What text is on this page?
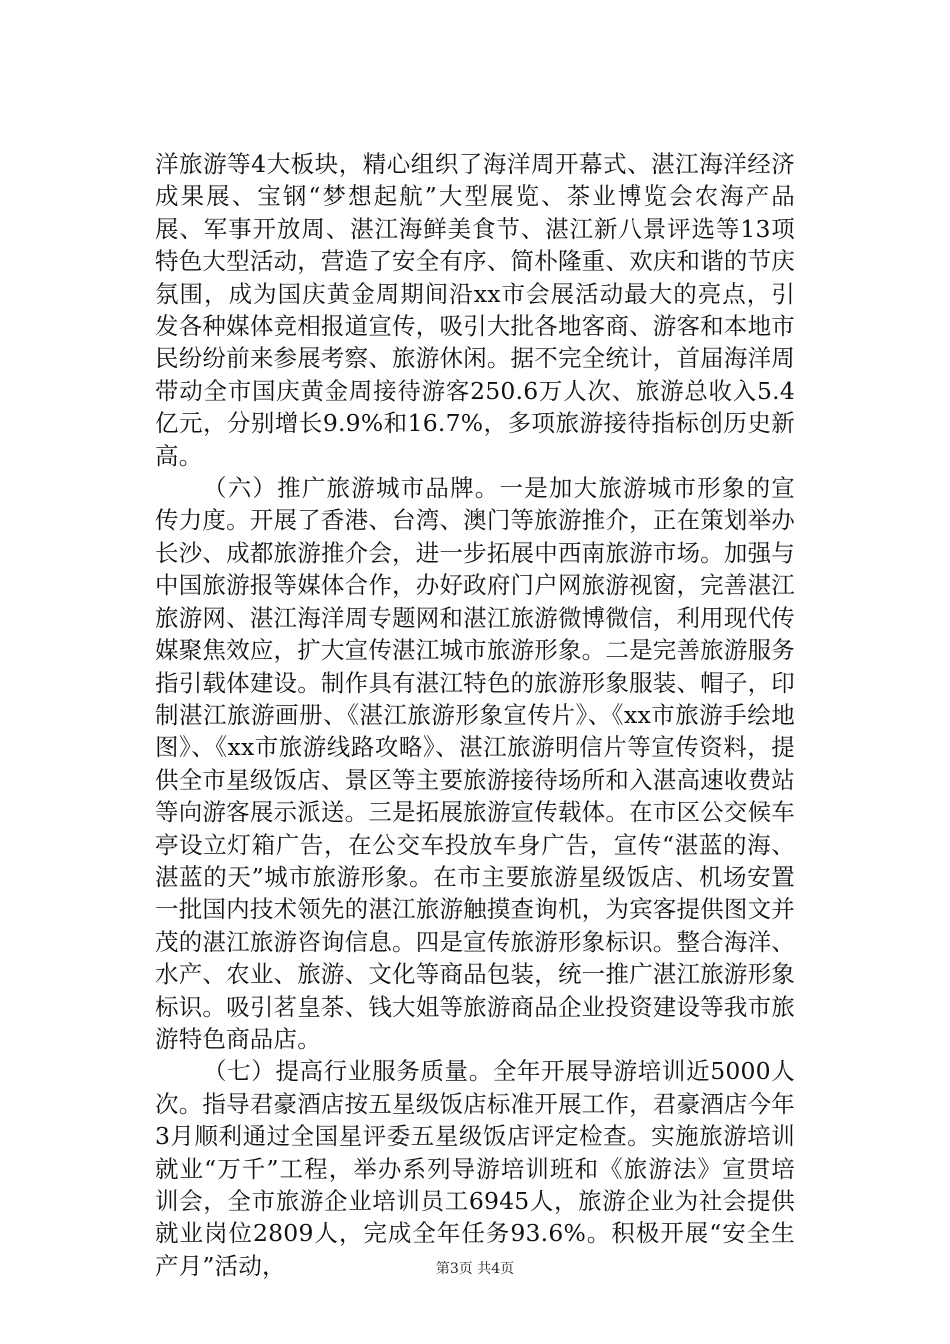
洋旅游等4大板块，精心组织了海洋周开幕式、湛江海洋经济成果展、宝钢“梦想起航”大型展览、茶业博览会农海产品展、军事开放周、湛江海鲜美食节、湛江新八景评选等13项特色大型活动，营造了安全有序、简朴隆重、欢庆和谐的节庆氛围，成为国庆黄金周期间沿xx市会展活动最大的亮点，引发各种媒体竞相报道宣传，吸引大批各地客商、游客和本地市民纷纷前来参展考察、旅游休闲。据不完全统计，首届海洋周带动全市国庆黄金周接待游客250.6万人次、旅游总收入5.4亿元，分别增长9.9%和16.7%，多项旅游接待指标创历史新高。

（六）推广旅游城市品牌。一是加大旅游城市形象的宣传力度。开展了香港、台湾、澳门等旅游推介，正在策划举办长沙、成都旅游推介会，进一步拓展中西南旅游市场。加强与中国旅游报等媒体合作，办好政府门户网旅游视窗，完善湛江旅游网、湛江海洋周专题网和湛江旅游微博微信，利用现代传媒聚焦效应，扩大宣传湛江城市旅游形象。二是完善旅游服务指引载体建设。制作具有湛江特色的旅游形象服装、帽子，印制湛江旅游画册、《湛江旅游形象宣传片》、《xx市旅游手绘地图》、《xx市旅游线路攻略》、湛江旅游明信片等宣传资料，提供全市星级饭店、景区等主要旅游接待场所和入湛高速收费站等向游客展示派送。三是拓展旅游宣传载体。在市区公交候车亭设立灯箱广告，在公交车投放车身广告，宣传“湛蓝的海、湛蓝的天”城市旅游形象。在市主要旅游星级饭店、机场安置一批国内技术领先的湛江旅游触摸查询机，为宾客提供图文并茂的湛江旅游咨询信息。四是宣传旅游形象标识。整合海洋、水产、农业、旅游、文化等商品包装，统一推广湛江旅游形象标识。吸引茗皇茶、钱大姐等旅游商品企业投资建设等我市旅游特色商品店。

（七）提高行业服务质量。全年开展导游培训近5000人次。指导君豪酒店按五星级饭店标准开展工作，君豪酒店今年3月顺利通过全国星评委五星级饭店评定检查。实施旅游培训就业“万千”工程，举办系列导游培训班和《旅游法》宣贯培训会，全市旅游企业培训员工6945人，旅游企业为社会提供就业岗位2809人，完成全年任务93.6%。积极开展“安全生产月”活动，	第3页 共4页
